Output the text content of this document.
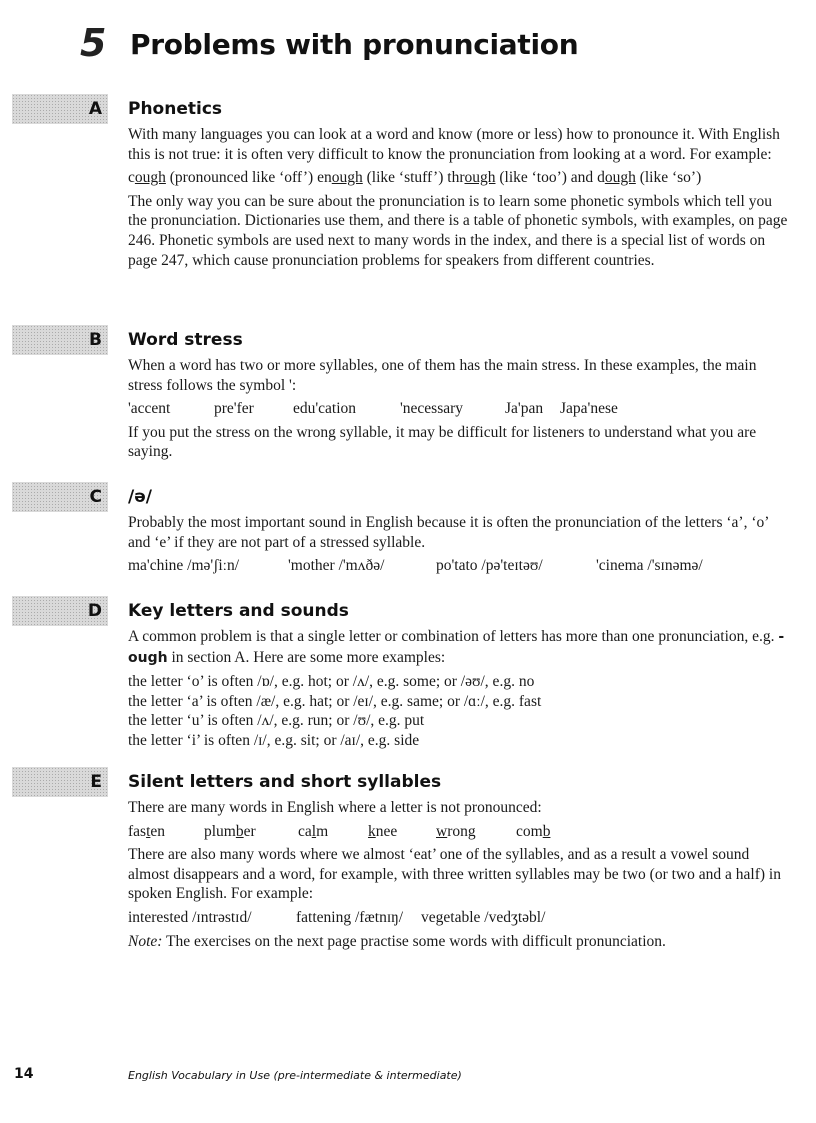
5 Problems with pronunciation
A Phonetics

With many languages you can look at a word and know (more or less) how to pronounce it. With English this is not true: it is often very difficult to know the pronunciation from looking at a word. For example:

cough (pronounced like ‘off’) enough (like ‘stuff’) through (like ‘too’) and dough (like ‘so’)

The only way you can be sure about the pronunciation is to learn some phonetic symbols which tell you the pronunciation. Dictionaries use them, and there is a table of phonetic symbols, with examples, on page 246. Phonetic symbols are used next to many words in the index, and there is a special list of words on page 247, which cause pronunciation problems for speakers from different countries.

B Word stress

When a word has two or more syllables, one of them has the main stress. In these examples, the main stress follows the symbol ':

'accent	pre'fer	edu'cation	'necessary	Ja'pan	Japa'nese

If you put the stress on the wrong syllable, it may be difficult for listeners to understand what you are saying.

C /ə/

Probably the most important sound in English because it is often the pronunciation of the letters ‘a’, ‘o’ and ‘e’ if they are not part of a stressed syllable.

ma'chine /mə'ʃiːn/	'mother /'mʌðə/	po'tato /pə'teɪtəʊ/	'cinema /'sɪnəmə/
D Key letters and sounds

A common problem is that a single letter or combination of letters has more than one pronunciation, e.g. -ough in section A. Here are some more examples:

the letter ‘o’ is often /ɒ/, e.g. hot; or /ʌ/, e.g. some; or /əʊ/, e.g. no
the letter ‘a’ is often /æ/, e.g. hat; or /eɪ/, e.g. same; or /ɑː/, e.g. fast
the letter ‘u’ is often /ʌ/, e.g. run; or /ʊ/, e.g. put
the letter ‘i’ is often /ɪ/, e.g. sit; or /aɪ/, e.g. side
E Silent letters and short syllables

There are many words in English where a letter is not pronounced:

fasten	plumber	calm	knee	wrong	comb

There are also many words where we almost ‘eat’ one of the syllables, and as a result a vowel sound almost disappears and a word, for example, with three written syllables may be two (or two and a half) in spoken English. For example:

interested /ɪntrəstɪd/	fattening /fætnɪŋ/	vegetable /vedʒtəbl/

Note: The exercises on the next page practise some words with difficult pronunciation.

14	English Vocabulary in Use (pre-intermediate & intermediate)
